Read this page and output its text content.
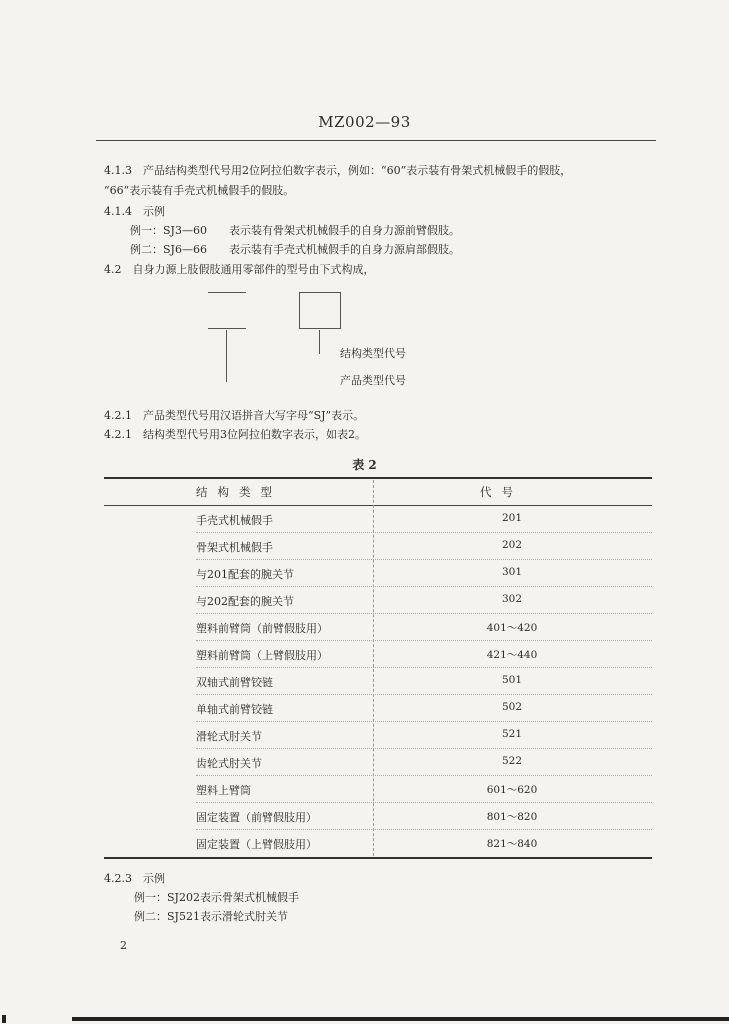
MZ002—93
4.1.3　产品结构类型代号用2位阿拉伯数字表示，例如：“60”表示装有骨架式机械假手的假肢，
“66”表示装有手壳式机械假手的假肢。
4.1.4　示例
例一：SJ3—60　　表示装有骨架式机械假手的自身力源前臂假肢。
例二：SJ6—66　　表示装有手壳式机械假手的自身力源肩部假肢。
4.2　自身力源上肢假肢通用零部件的型号由下式构成，
结构类型代号
产品类型代号
4.2.1　产品类型代号用汉语拼音大写字母“SJ”表示。
4.2.1　结构类型代号用3位阿拉伯数字表示，如表2。
表 2
结构类型	代号
手壳式机械假手	201
骨架式机械假手	202
与201配套的腕关节	301
与202配套的腕关节	302
塑料前臂筒（前臂假肢用）	401～420
塑料前臂筒（上臂假肢用）	421～440
双轴式前臂铰链	501
单轴式前臂铰链	502
滑轮式肘关节	521
齿轮式肘关节	522
塑料上臂筒	601～620
固定装置（前臂假肢用）	801～820
固定装置（上臂假肢用）	821～840
4.2.3　示例
例一：SJ202表示骨架式机械假手
例二：SJ521表示滑轮式肘关节
2
